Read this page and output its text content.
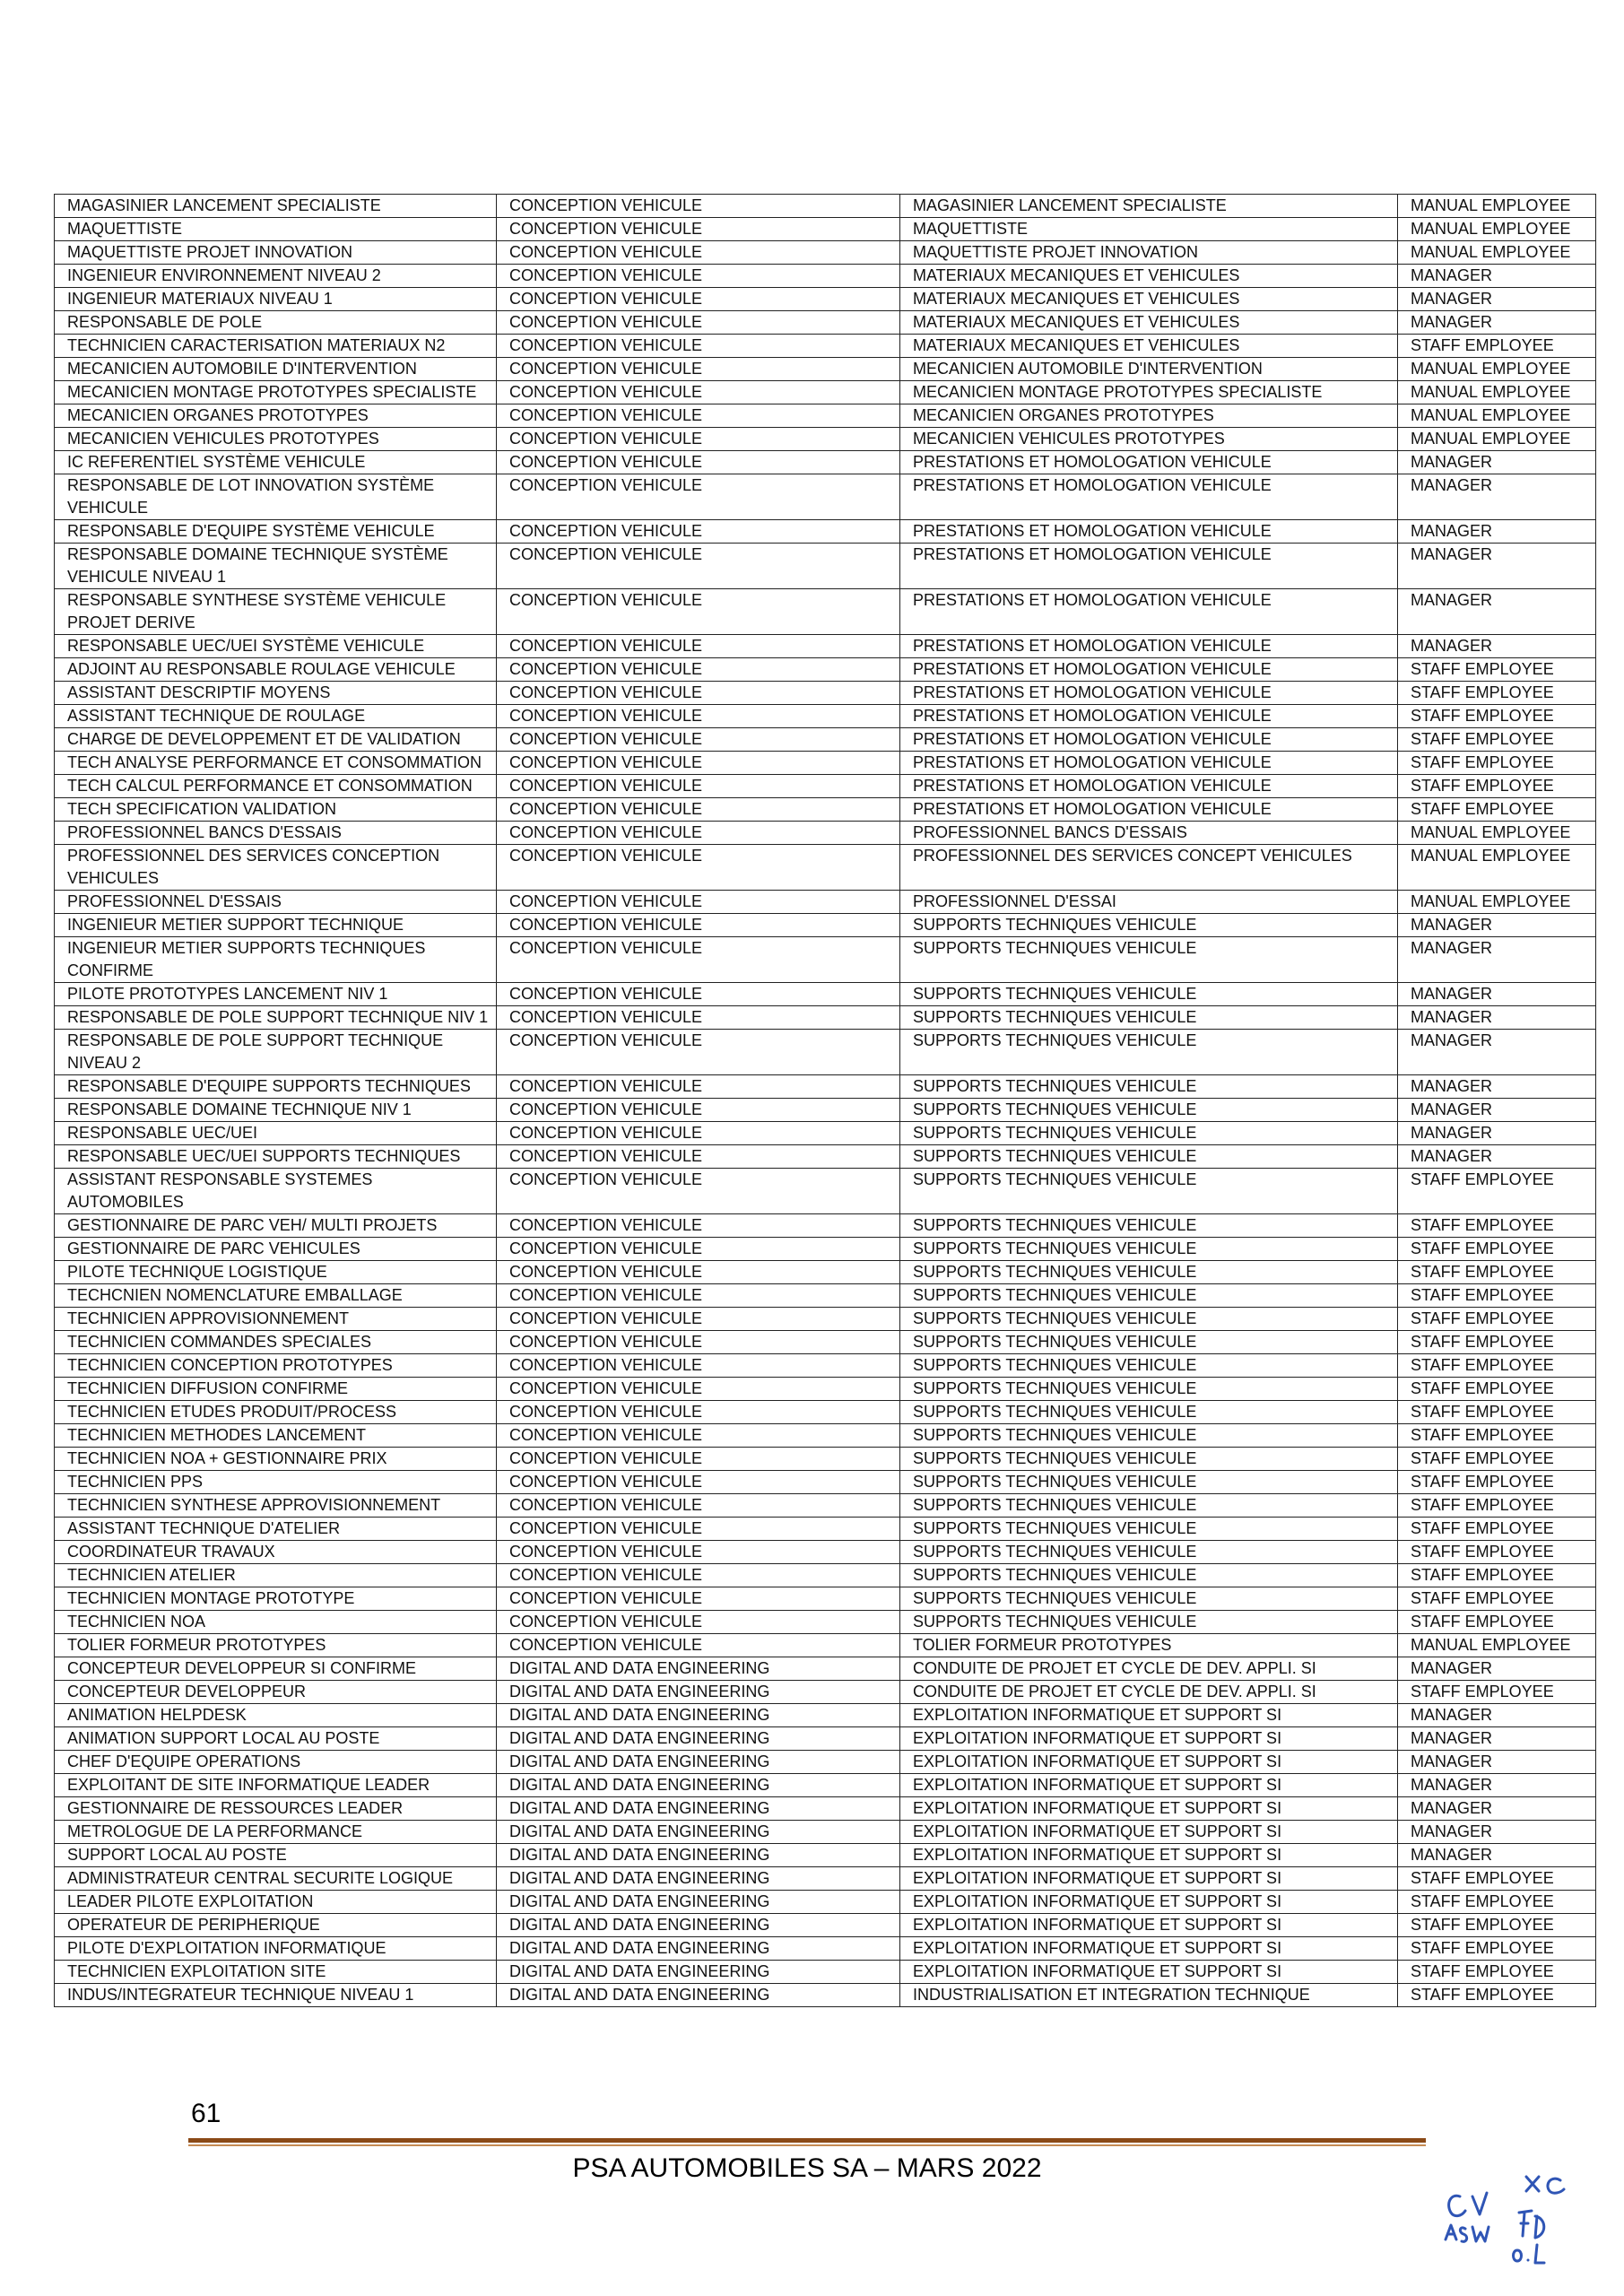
MAGASINIER LANCEMENT SPECIALISTE	CONCEPTION VEHICULE	MAGASINIER LANCEMENT SPECIALISTE	MANUAL EMPLOYEE
MAQUETTISTE	CONCEPTION VEHICULE	MAQUETTISTE	MANUAL EMPLOYEE
MAQUETTISTE PROJET INNOVATION	CONCEPTION VEHICULE	MAQUETTISTE PROJET INNOVATION	MANUAL EMPLOYEE
INGENIEUR ENVIRONNEMENT NIVEAU 2	CONCEPTION VEHICULE	MATERIAUX MECANIQUES ET VEHICULES	MANAGER
INGENIEUR MATERIAUX NIVEAU 1	CONCEPTION VEHICULE	MATERIAUX MECANIQUES ET VEHICULES	MANAGER
RESPONSABLE DE POLE	CONCEPTION VEHICULE	MATERIAUX MECANIQUES ET VEHICULES	MANAGER
TECHNICIEN CARACTERISATION MATERIAUX N2	CONCEPTION VEHICULE	MATERIAUX MECANIQUES ET VEHICULES	STAFF EMPLOYEE
MECANICIEN AUTOMOBILE D'INTERVENTION	CONCEPTION VEHICULE	MECANICIEN AUTOMOBILE D'INTERVENTION	MANUAL EMPLOYEE
MECANICIEN MONTAGE PROTOTYPES SPECIALISTE	CONCEPTION VEHICULE	MECANICIEN MONTAGE PROTOTYPES SPECIALISTE	MANUAL EMPLOYEE
MECANICIEN ORGANES PROTOTYPES	CONCEPTION VEHICULE	MECANICIEN ORGANES PROTOTYPES	MANUAL EMPLOYEE
MECANICIEN VEHICULES PROTOTYPES	CONCEPTION VEHICULE	MECANICIEN VEHICULES PROTOTYPES	MANUAL EMPLOYEE
IC REFERENTIEL SYSTÈME VEHICULE	CONCEPTION VEHICULE	PRESTATIONS ET HOMOLOGATION VEHICULE	MANAGER
RESPONSABLE DE LOT INNOVATION SYSTÈME VEHICULE	CONCEPTION VEHICULE	PRESTATIONS ET HOMOLOGATION VEHICULE	MANAGER
RESPONSABLE D'EQUIPE SYSTÈME VEHICULE	CONCEPTION VEHICULE	PRESTATIONS ET HOMOLOGATION VEHICULE	MANAGER
RESPONSABLE DOMAINE TECHNIQUE SYSTÈME VEHICULE NIVEAU 1	CONCEPTION VEHICULE	PRESTATIONS ET HOMOLOGATION VEHICULE	MANAGER
RESPONSABLE SYNTHESE SYSTÈME VEHICULE PROJET DERIVE	CONCEPTION VEHICULE	PRESTATIONS ET HOMOLOGATION VEHICULE	MANAGER
RESPONSABLE UEC/UEI SYSTÈME VEHICULE	CONCEPTION VEHICULE	PRESTATIONS ET HOMOLOGATION VEHICULE	MANAGER
ADJOINT AU RESPONSABLE ROULAGE VEHICULE	CONCEPTION VEHICULE	PRESTATIONS ET HOMOLOGATION VEHICULE	STAFF EMPLOYEE
ASSISTANT DESCRIPTIF MOYENS	CONCEPTION VEHICULE	PRESTATIONS ET HOMOLOGATION VEHICULE	STAFF EMPLOYEE
ASSISTANT TECHNIQUE DE ROULAGE	CONCEPTION VEHICULE	PRESTATIONS ET HOMOLOGATION VEHICULE	STAFF EMPLOYEE
CHARGE DE DEVELOPPEMENT ET DE VALIDATION	CONCEPTION VEHICULE	PRESTATIONS ET HOMOLOGATION VEHICULE	STAFF EMPLOYEE
TECH ANALYSE PERFORMANCE ET CONSOMMATION	CONCEPTION VEHICULE	PRESTATIONS ET HOMOLOGATION VEHICULE	STAFF EMPLOYEE
TECH CALCUL PERFORMANCE ET CONSOMMATION	CONCEPTION VEHICULE	PRESTATIONS ET HOMOLOGATION VEHICULE	STAFF EMPLOYEE
TECH SPECIFICATION VALIDATION	CONCEPTION VEHICULE	PRESTATIONS ET HOMOLOGATION VEHICULE	STAFF EMPLOYEE
PROFESSIONNEL BANCS D'ESSAIS	CONCEPTION VEHICULE	PROFESSIONNEL BANCS D'ESSAIS	MANUAL EMPLOYEE
PROFESSIONNEL DES SERVICES CONCEPTION VEHICULES	CONCEPTION VEHICULE	PROFESSIONNEL DES SERVICES CONCEPT VEHICULES	MANUAL EMPLOYEE
PROFESSIONNEL D'ESSAIS	CONCEPTION VEHICULE	PROFESSIONNEL D'ESSAI	MANUAL EMPLOYEE
INGENIEUR METIER SUPPORT TECHNIQUE	CONCEPTION VEHICULE	SUPPORTS TECHNIQUES VEHICULE	MANAGER
INGENIEUR METIER SUPPORTS TECHNIQUES CONFIRME	CONCEPTION VEHICULE	SUPPORTS TECHNIQUES VEHICULE	MANAGER
PILOTE PROTOTYPES LANCEMENT NIV 1	CONCEPTION VEHICULE	SUPPORTS TECHNIQUES VEHICULE	MANAGER
RESPONSABLE DE POLE SUPPORT TECHNIQUE NIV 1	CONCEPTION VEHICULE	SUPPORTS TECHNIQUES VEHICULE	MANAGER
RESPONSABLE DE POLE SUPPORT TECHNIQUE NIVEAU 2	CONCEPTION VEHICULE	SUPPORTS TECHNIQUES VEHICULE	MANAGER
RESPONSABLE D'EQUIPE SUPPORTS TECHNIQUES	CONCEPTION VEHICULE	SUPPORTS TECHNIQUES VEHICULE	MANAGER
RESPONSABLE DOMAINE TECHNIQUE NIV 1	CONCEPTION VEHICULE	SUPPORTS TECHNIQUES VEHICULE	MANAGER
RESPONSABLE UEC/UEI	CONCEPTION VEHICULE	SUPPORTS TECHNIQUES VEHICULE	MANAGER
RESPONSABLE UEC/UEI SUPPORTS TECHNIQUES	CONCEPTION VEHICULE	SUPPORTS TECHNIQUES VEHICULE	MANAGER
ASSISTANT RESPONSABLE SYSTEMES AUTOMOBILES	CONCEPTION VEHICULE	SUPPORTS TECHNIQUES VEHICULE	STAFF EMPLOYEE
GESTIONNAIRE DE PARC VEH/ MULTI PROJETS	CONCEPTION VEHICULE	SUPPORTS TECHNIQUES VEHICULE	STAFF EMPLOYEE
GESTIONNAIRE DE PARC VEHICULES	CONCEPTION VEHICULE	SUPPORTS TECHNIQUES VEHICULE	STAFF EMPLOYEE
PILOTE TECHNIQUE LOGISTIQUE	CONCEPTION VEHICULE	SUPPORTS TECHNIQUES VEHICULE	STAFF EMPLOYEE
TECHCNIEN NOMENCLATURE EMBALLAGE	CONCEPTION VEHICULE	SUPPORTS TECHNIQUES VEHICULE	STAFF EMPLOYEE
TECHNICIEN APPROVISIONNEMENT	CONCEPTION VEHICULE	SUPPORTS TECHNIQUES VEHICULE	STAFF EMPLOYEE
TECHNICIEN COMMANDES SPECIALES	CONCEPTION VEHICULE	SUPPORTS TECHNIQUES VEHICULE	STAFF EMPLOYEE
TECHNICIEN CONCEPTION PROTOTYPES	CONCEPTION VEHICULE	SUPPORTS TECHNIQUES VEHICULE	STAFF EMPLOYEE
TECHNICIEN DIFFUSION CONFIRME	CONCEPTION VEHICULE	SUPPORTS TECHNIQUES VEHICULE	STAFF EMPLOYEE
TECHNICIEN ETUDES PRODUIT/PROCESS	CONCEPTION VEHICULE	SUPPORTS TECHNIQUES VEHICULE	STAFF EMPLOYEE
TECHNICIEN METHODES LANCEMENT	CONCEPTION VEHICULE	SUPPORTS TECHNIQUES VEHICULE	STAFF EMPLOYEE
TECHNICIEN NOA + GESTIONNAIRE PRIX	CONCEPTION VEHICULE	SUPPORTS TECHNIQUES VEHICULE	STAFF EMPLOYEE
TECHNICIEN PPS	CONCEPTION VEHICULE	SUPPORTS TECHNIQUES VEHICULE	STAFF EMPLOYEE
TECHNICIEN SYNTHESE APPROVISIONNEMENT	CONCEPTION VEHICULE	SUPPORTS TECHNIQUES VEHICULE	STAFF EMPLOYEE
ASSISTANT TECHNIQUE D'ATELIER	CONCEPTION VEHICULE	SUPPORTS TECHNIQUES VEHICULE	STAFF EMPLOYEE
COORDINATEUR TRAVAUX	CONCEPTION VEHICULE	SUPPORTS TECHNIQUES VEHICULE	STAFF EMPLOYEE
TECHNICIEN ATELIER	CONCEPTION VEHICULE	SUPPORTS TECHNIQUES VEHICULE	STAFF EMPLOYEE
TECHNICIEN MONTAGE PROTOTYPE	CONCEPTION VEHICULE	SUPPORTS TECHNIQUES VEHICULE	STAFF EMPLOYEE
TECHNICIEN NOA	CONCEPTION VEHICULE	SUPPORTS TECHNIQUES VEHICULE	STAFF EMPLOYEE
TOLIER FORMEUR PROTOTYPES	CONCEPTION VEHICULE	TOLIER FORMEUR PROTOTYPES	MANUAL EMPLOYEE
CONCEPTEUR DEVELOPPEUR SI CONFIRME	DIGITAL AND DATA ENGINEERING	CONDUITE DE PROJET ET CYCLE DE DEV. APPLI. SI	MANAGER
CONCEPTEUR DEVELOPPEUR	DIGITAL AND DATA ENGINEERING	CONDUITE DE PROJET ET CYCLE DE DEV. APPLI. SI	STAFF EMPLOYEE
ANIMATION HELPDESK	DIGITAL AND DATA ENGINEERING	EXPLOITATION INFORMATIQUE ET SUPPORT SI	MANAGER
ANIMATION SUPPORT LOCAL AU POSTE	DIGITAL AND DATA ENGINEERING	EXPLOITATION INFORMATIQUE ET SUPPORT SI	MANAGER
CHEF D'EQUIPE OPERATIONS	DIGITAL AND DATA ENGINEERING	EXPLOITATION INFORMATIQUE ET SUPPORT SI	MANAGER
EXPLOITANT DE SITE INFORMATIQUE LEADER	DIGITAL AND DATA ENGINEERING	EXPLOITATION INFORMATIQUE ET SUPPORT SI	MANAGER
GESTIONNAIRE DE RESSOURCES LEADER	DIGITAL AND DATA ENGINEERING	EXPLOITATION INFORMATIQUE ET SUPPORT SI	MANAGER
METROLOGUE DE LA PERFORMANCE	DIGITAL AND DATA ENGINEERING	EXPLOITATION INFORMATIQUE ET SUPPORT SI	MANAGER
SUPPORT LOCAL AU POSTE	DIGITAL AND DATA ENGINEERING	EXPLOITATION INFORMATIQUE ET SUPPORT SI	MANAGER
ADMINISTRATEUR CENTRAL SECURITE LOGIQUE	DIGITAL AND DATA ENGINEERING	EXPLOITATION INFORMATIQUE ET SUPPORT SI	STAFF EMPLOYEE
LEADER PILOTE EXPLOITATION	DIGITAL AND DATA ENGINEERING	EXPLOITATION INFORMATIQUE ET SUPPORT SI	STAFF EMPLOYEE
OPERATEUR DE PERIPHERIQUE	DIGITAL AND DATA ENGINEERING	EXPLOITATION INFORMATIQUE ET SUPPORT SI	STAFF EMPLOYEE
PILOTE D'EXPLOITATION INFORMATIQUE	DIGITAL AND DATA ENGINEERING	EXPLOITATION INFORMATIQUE ET SUPPORT SI	STAFF EMPLOYEE
TECHNICIEN EXPLOITATION SITE	DIGITAL AND DATA ENGINEERING	EXPLOITATION INFORMATIQUE ET SUPPORT SI	STAFF EMPLOYEE
INDUS/INTEGRATEUR TECHNIQUE NIVEAU 1	DIGITAL AND DATA ENGINEERING	INDUSTRIALISATION ET INTEGRATION TECHNIQUE	STAFF EMPLOYEE
61
PSA AUTOMOBILES SA – MARS 2022
